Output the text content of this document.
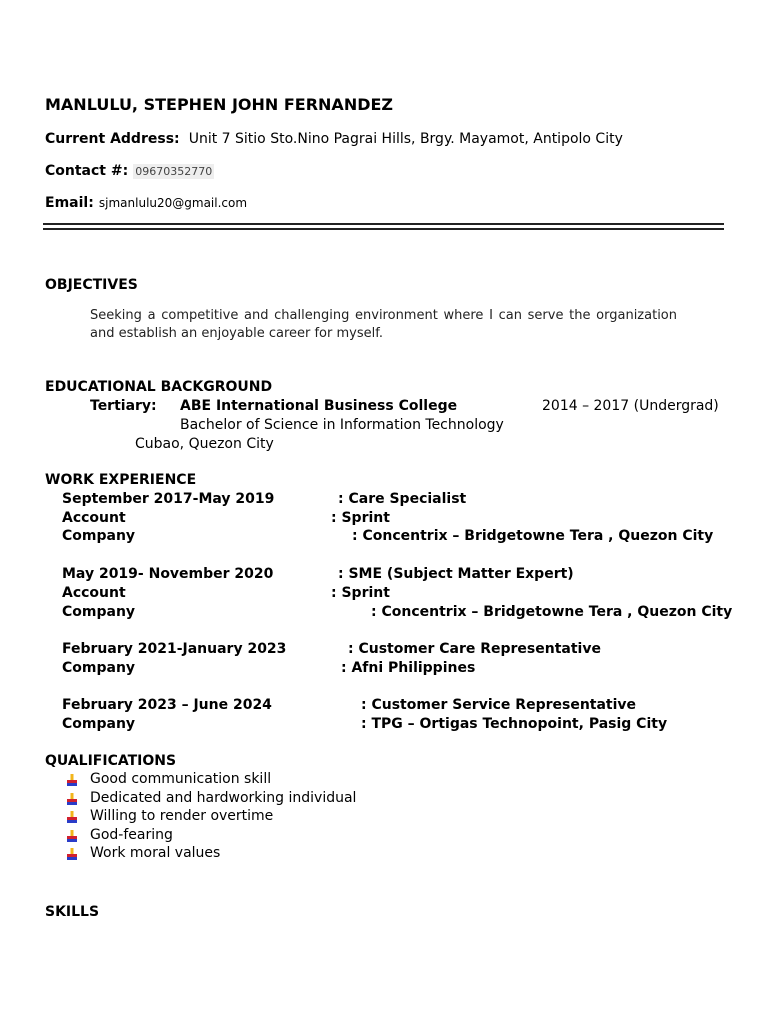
MANLULU, STEPHEN JOHN FERNANDEZ
Current Address: Unit 7 Sitio Sto.Nino Pagrai Hills, Brgy. Mayamot, Antipolo City
Contact #: 09670352770
Email: sjmanlulu20@gmail.com
OBJECTIVES
Seeking a competitive and challenging environment where I can serve the organization and establish an enjoyable career for myself.
EDUCATIONAL BACKGROUND
Tertiary: ABE International Business College	2014 – 2017 (Undergrad)
Bachelor of Science in Information Technology
Cubao, Quezon City
WORK EXPERIENCE
September 2017-May 2019	: Care Specialist
Account	: Sprint
Company	: Concentrix – Bridgetowne Tera , Quezon City
May 2019- November 2020	: SME (Subject Matter Expert)
Account	: Sprint
Company	: Concentrix – Bridgetowne Tera , Quezon City
February 2021-January 2023	: Customer Care Representative
Company	: Afni Philippines
February 2023 – June 2024	: Customer Service Representative
Company	: TPG – Ortigas Technopoint, Pasig City
QUALIFICATIONS
Good communication skill
Dedicated and hardworking individual
Willing to render overtime
God-fearing
Work moral values
SKILLS
